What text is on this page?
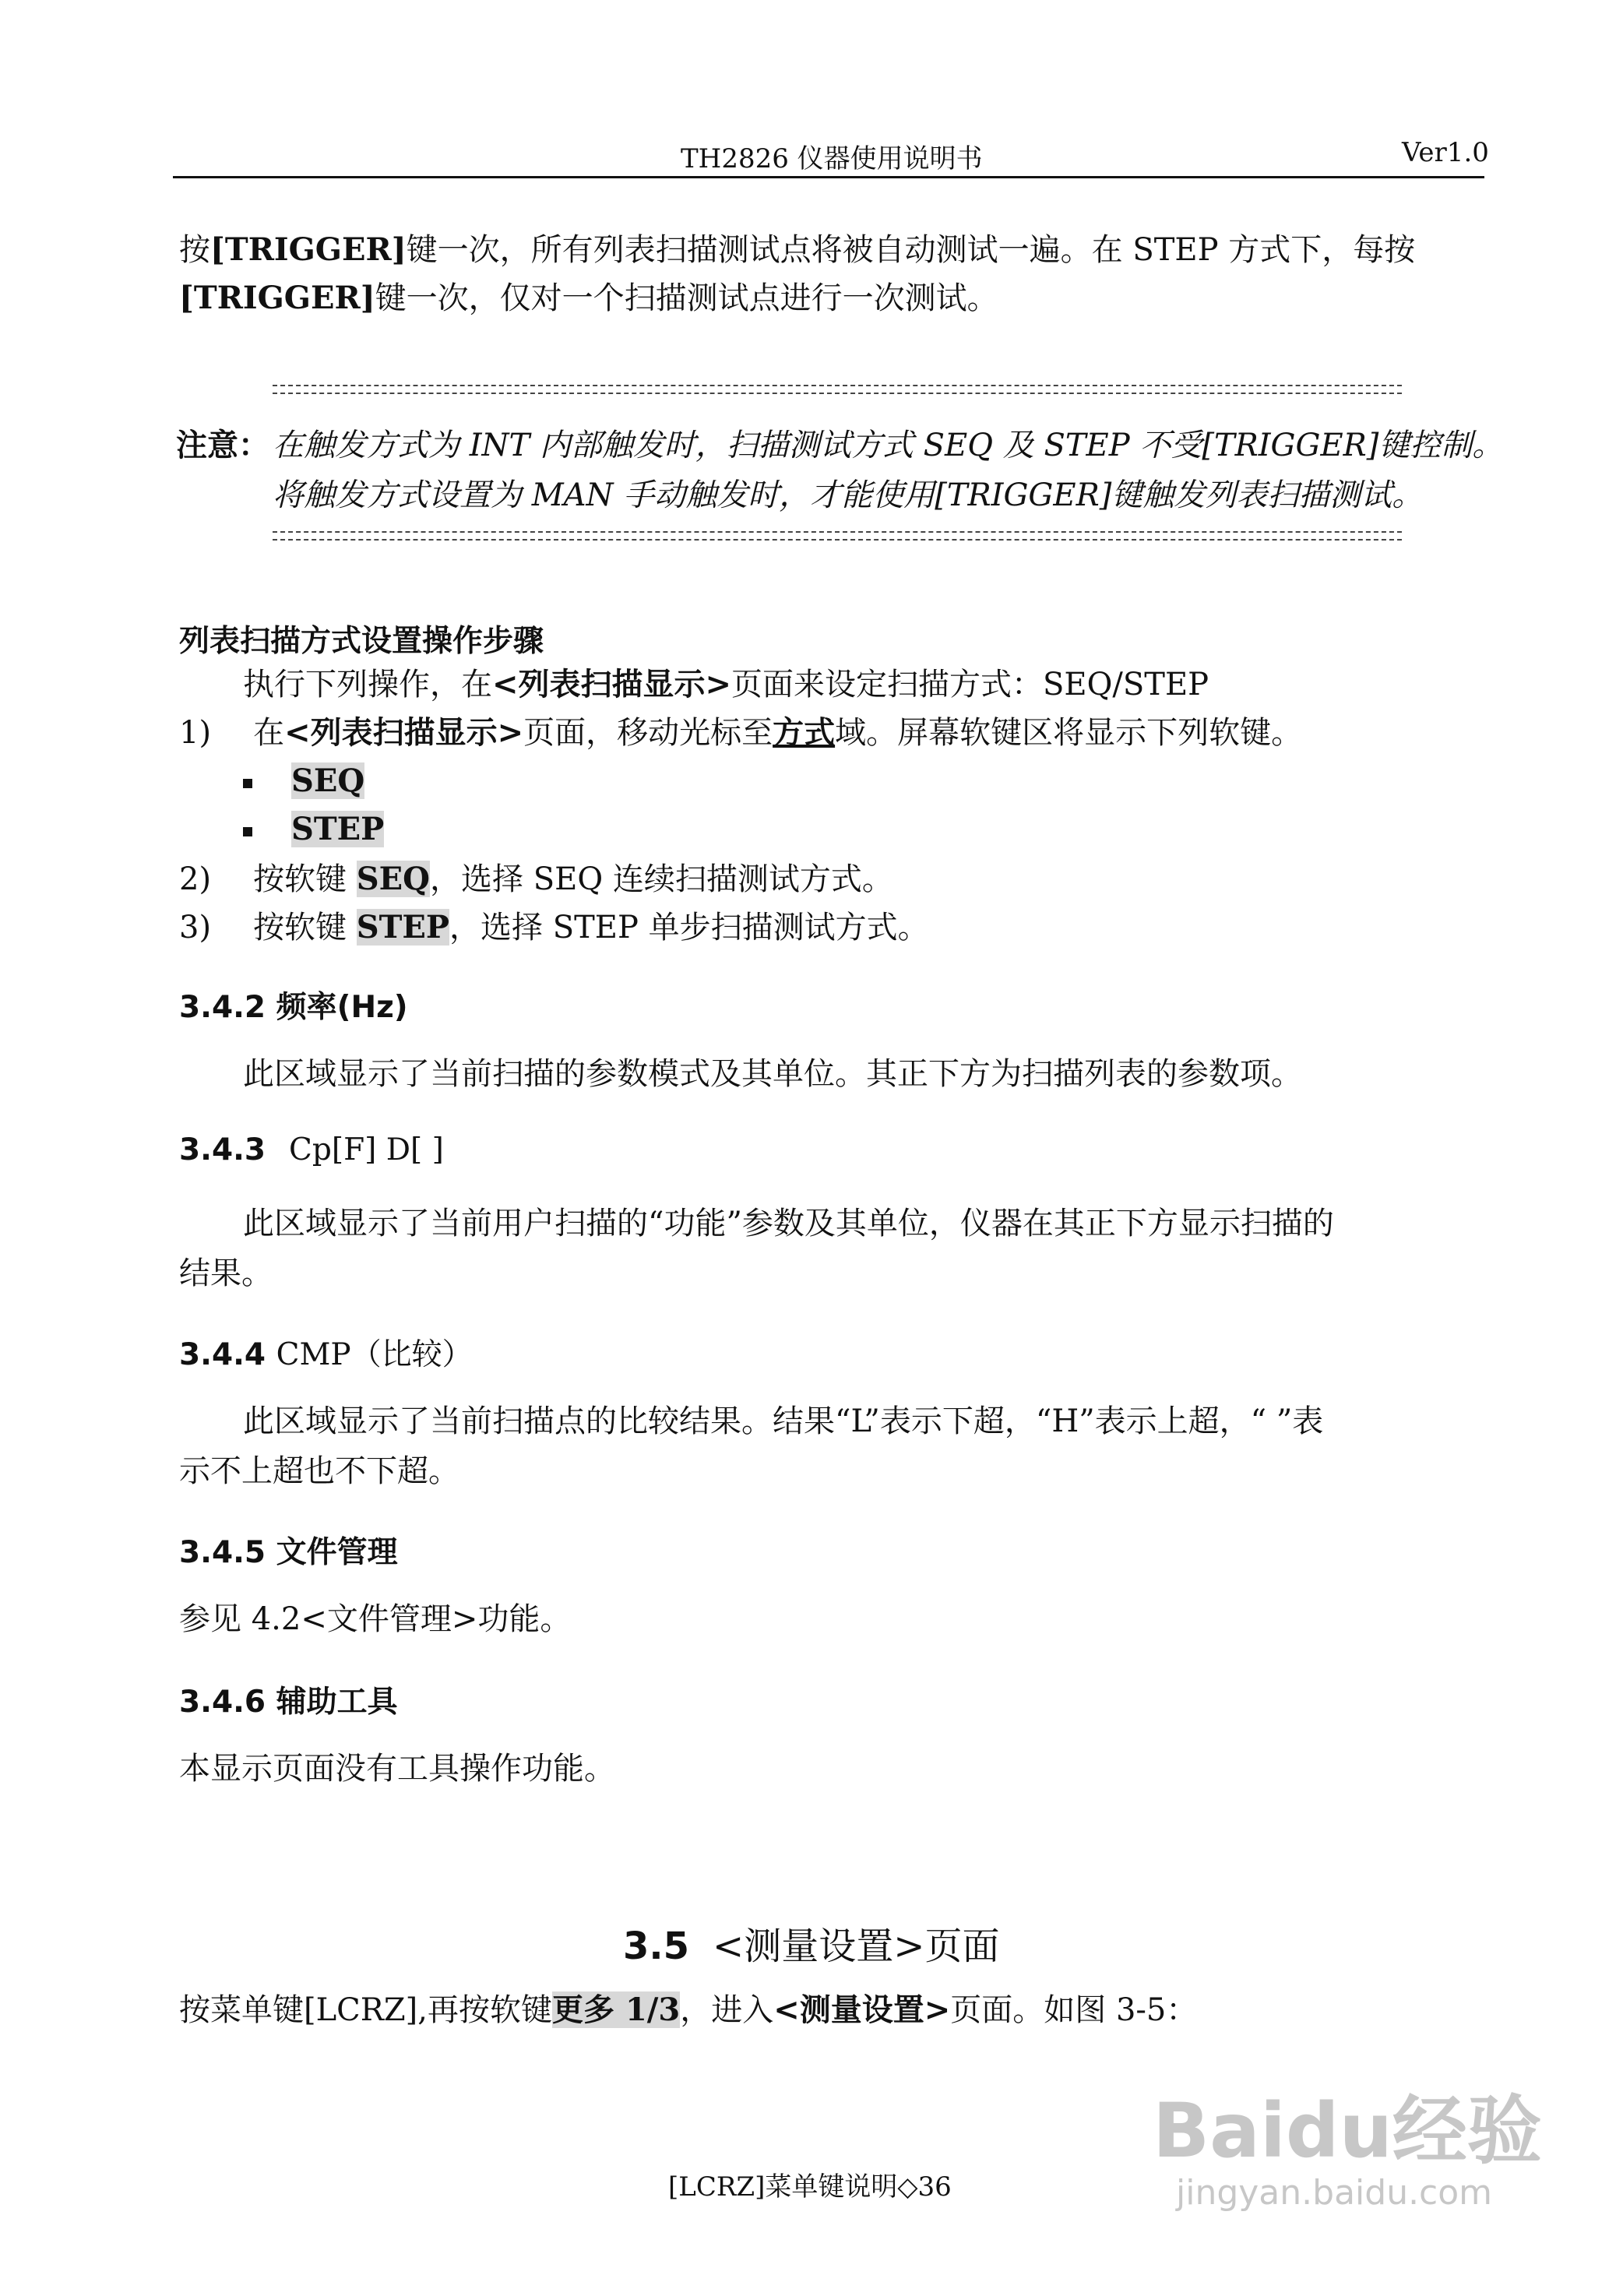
TH2826 仪器使用说明书	Ver1.0
按[TRIGGER]键一次，所有列表扫描测试点将被自动测试一遍。在 STEP 方式下，每按
[TRIGGER]键一次，仅对一个扫描测试点进行一次测试。
注意： 在触发方式为 INT 内部触发时，扫描测试方式 SEQ 及 STEP 不受[TRIGGER]键控制。
将触发方式设置为 MAN 手动触发时，才能使用[TRIGGER]键触发列表扫描测试。
列表扫描方式设置操作步骤
执行下列操作，在<列表扫描显示>页面来设定扫描方式：SEQ/STEP
1) 在<列表扫描显示>页面，移动光标至方式域。屏幕软键区将显示下列软键。
SEQ
STEP
2) 按软键 SEQ，选择 SEQ 连续扫描测试方式。
3) 按软键 STEP，选择 STEP 单步扫描测试方式。
3.4.2 频率(Hz)
此区域显示了当前扫描的参数模式及其单位。其正下方为扫描列表的参数项。
3.4.3 Cp[F] D[ ]
此区域显示了当前用户扫描的“功能”参数及其单位，仪器在其正下方显示扫描的
结果。
3.4.4 CMP（比较）
此区域显示了当前扫描点的比较结果。结果“L”表示下超，“H”表示上超，“ ”表
示不上超也不下超。
3.4.5 文件管理
参见 4.2<文件管理>功能。
3.4.6 辅助工具
本显示页面没有工具操作功能。
3.5 <测量设置>页面
按菜单键[LCRZ],再按软键更多 1/3，进入<测量设置>页面。如图 3-5：
[LCRZ]菜单键说明◇36
Baidu经验
jingyan.baidu.com
